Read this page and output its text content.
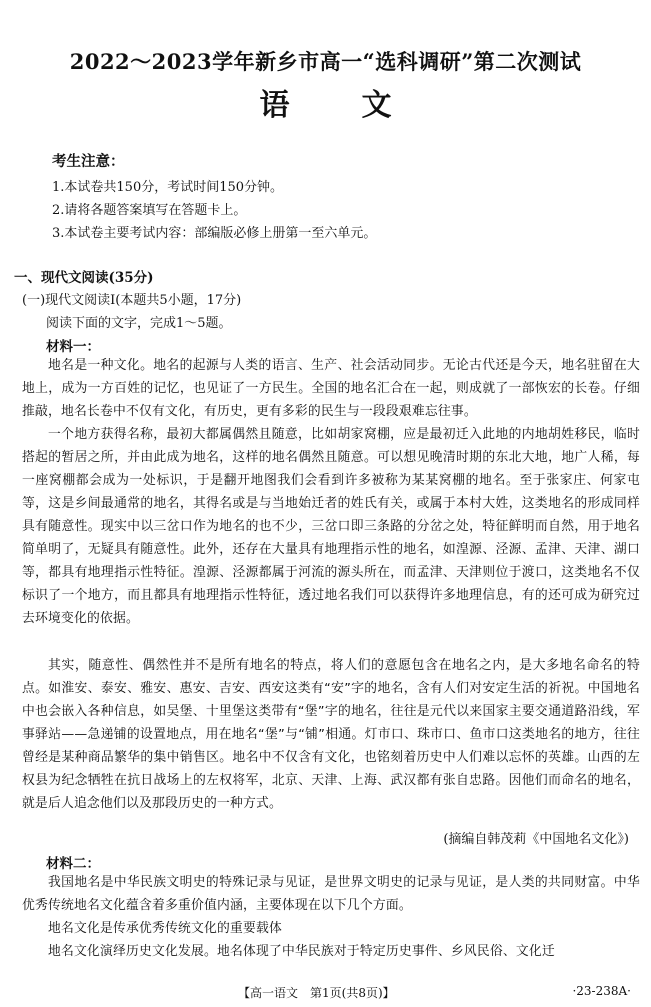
2022～2023学年新乡市高一“选科调研”第二次测试
语 文
考生注意：
1.本试卷共150分，考试时间150分钟。
2.请将各题答案填写在答题卡上。
3.本试卷主要考试内容：部编版必修上册第一至六单元。
一、现代文阅读(35分)
(一)现代文阅读Ⅰ(本题共5小题，17分)
阅读下面的文字，完成1～5题。
材料一：
地名是一种文化。地名的起源与人类的语言、生产、社会活动同步。无论古代还是今天，地名驻留在大地上，成为一方百姓的记忆，也见证了一方民生。全国的地名汇合在一起，则成就了一部恢宏的长卷。仔细推敲，地名长卷中不仅有文化，有历史，更有多彩的民生与一段段艰难忘往事。
一个地方获得名称，最初大都属偶然且随意，比如胡家窝棚，应是最初迁入此地的内地胡姓移民，临时搭起的暂居之所，并由此成为地名，这样的地名偶然且随意。可以想见晚清时期的东北大地，地广人稀，每一座窝棚都会成为一处标识，于是翻开地图我们会看到许多被称为某某窝棚的地名。至于张家庄、何家屯等，这是乡间最通常的地名，其得名或是与当地始迁者的姓氏有关，或属于本村大姓，这类地名的形成同样具有随意性。现实中以三岔口作为地名的也不少，三岔口即三条路的分岔之处，特征鲜明而自然，用于地名简单明了，无疑具有随意性。此外，还存在大量具有地理指示性的地名，如湟源、泾源、孟津、天津、湖口等，都具有地理指示性特征。湟源、泾源都属于河流的源头所在，而孟津、天津则位于渡口，这类地名不仅标识了一个地方，而且都具有地理指示性特征，透过地名我们可以获得许多地理信息，有的还可成为研究过去环境变化的依据。
其实，随意性、偶然性并不是所有地名的特点，将人们的意愿包含在地名之内，是大多地名命名的特点。如淮安、泰安、雅安、惠安、吉安、西安这类有“安”字的地名，含有人们对安定生活的祈祝。中国地名中也会嵌入各种信息，如吴堡、十里堡这类带有“堡”字的地名，往往是元代以来国家主要交通道路沿线，军事驿站——急递铺的设置地点，用在地名“堡”与“铺”相通。灯市口、珠市口、鱼市口这类地名的地方，往往曾经是某种商品繁华的集中销售区。地名中不仅含有文化，也铭刻着历史中人们难以忘怀的英雄。山西的左权县为纪念牺牲在抗日战场上的左权将军，北京、天津、上海、武汉都有张自忠路。因他们而命名的地名，就是后人追念他们以及那段历史的一种方式。
(摘编自韩茂莉《中国地名文化》)
材料二：
我国地名是中华民族文明史的特殊记录与见证，是世界文明史的记录与见证，是人类的共同财富。中华优秀传统地名文化蕴含着多重价值内涵，主要体现在以下几个方面。
地名文化是传承优秀传统文化的重要载体
地名文化演绎历史文化发展。地名体现了中华民族对于特定历史事件、乡风民俗、文化迁
【高一语文　第1页(共8页)】	·23-238A·
